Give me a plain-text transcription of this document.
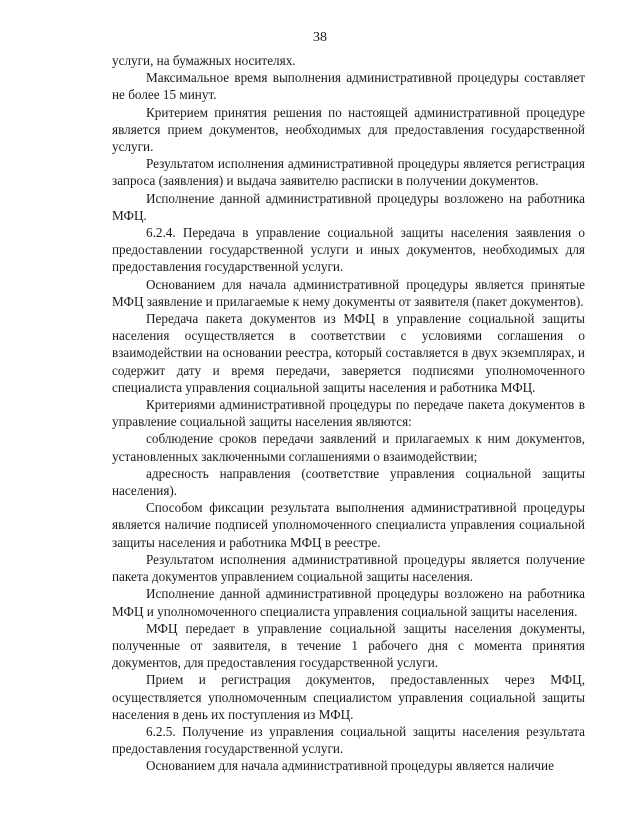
38

услуги, на бумажных носителях.

Максимальное время выполнения административной процедуры составляет не более 15 минут.

Критерием принятия решения по настоящей административной процедуре является прием документов, необходимых для предоставления государственной услуги.

Результатом исполнения административной процедуры является регистрация запроса (заявления) и выдача заявителю расписки в получении документов.

Исполнение данной административной процедуры возложено на работника МФЦ.

6.2.4. Передача в управление социальной защиты населения заявления о предоставлении государственной услуги и иных документов, необходимых для предоставления государственной услуги.

Основанием для начала административной процедуры является принятые МФЦ заявление и прилагаемые к нему документы от заявителя (пакет документов).

Передача пакета документов из МФЦ в управление социальной защиты населения осуществляется в соответствии с условиями соглашения о взаимодействии на основании реестра, который составляется в двух экземплярах, и содержит дату и время передачи, заверяется подписями уполномоченного специалиста управления социальной защиты населения и работника МФЦ.

Критериями административной процедуры по передаче пакета документов в управление социальной защиты населения являются:

соблюдение сроков передачи заявлений и прилагаемых к ним документов, установленных заключенными соглашениями о взаимодействии;

адресность направления (соответствие управления социальной защиты населения).

Способом фиксации результата выполнения административной процедуры является наличие подписей уполномоченного специалиста управления социальной защиты населения и работника МФЦ в реестре.

Результатом исполнения административной процедуры является получение пакета документов управлением социальной защиты населения.

Исполнение данной административной процедуры возложено на работника МФЦ и уполномоченного специалиста управления социальной защиты населения.

МФЦ передает в управление социальной защиты населения документы, полученные от заявителя, в течение 1 рабочего дня с момента принятия документов, для предоставления государственной услуги.

Прием и регистрация документов, предоставленных через МФЦ, осуществляется уполномоченным специалистом управления социальной защиты населения в день их поступления из МФЦ.

6.2.5. Получение из управления социальной защиты населения результата предоставления государственной услуги.

Основанием для начала административной процедуры является наличие
